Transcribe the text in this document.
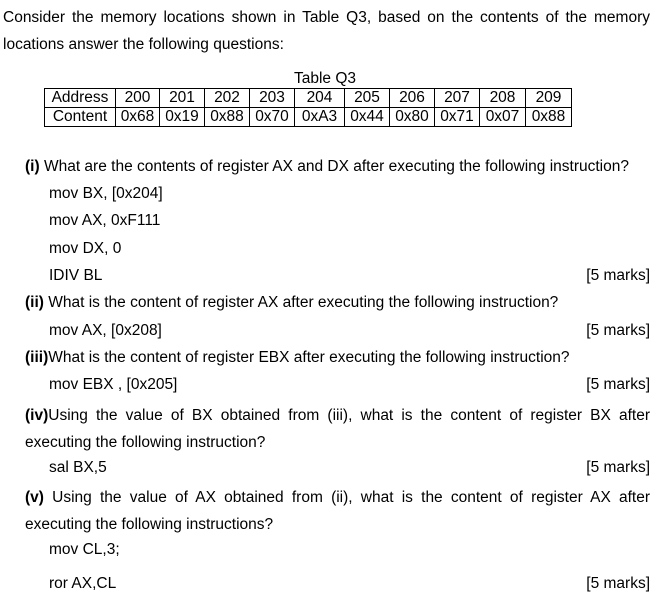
Consider the memory locations shown in Table Q3, based on the contents of the memory locations answer the following questions:
Table Q3
Address	200	201	202	203	204	205	206	207	208	209
Content	0x68	0x19	0x88	0x70	0xA3	0x44	0x80	0x71	0x07	0x88
(i) What are the contents of register AX and DX after executing the following instruction?
mov BX, [0x204]
mov AX, 0xF111
mov DX, 0
IDIV BL	[5 marks]
(ii) What is the content of register AX after executing the following instruction?
mov AX, [0x208]	[5 marks]
(iii)What is the content of register EBX after executing the following instruction?
mov EBX , [0x205]	[5 marks]
(iv)Using the value of BX obtained from (iii), what is the content of register BX after executing the following instruction?
sal BX,5	[5 marks]
(v) Using the value of AX obtained from (ii), what is the content of register AX after executing the following instructions?
mov CL,3;
ror AX,CL	[5 marks]
